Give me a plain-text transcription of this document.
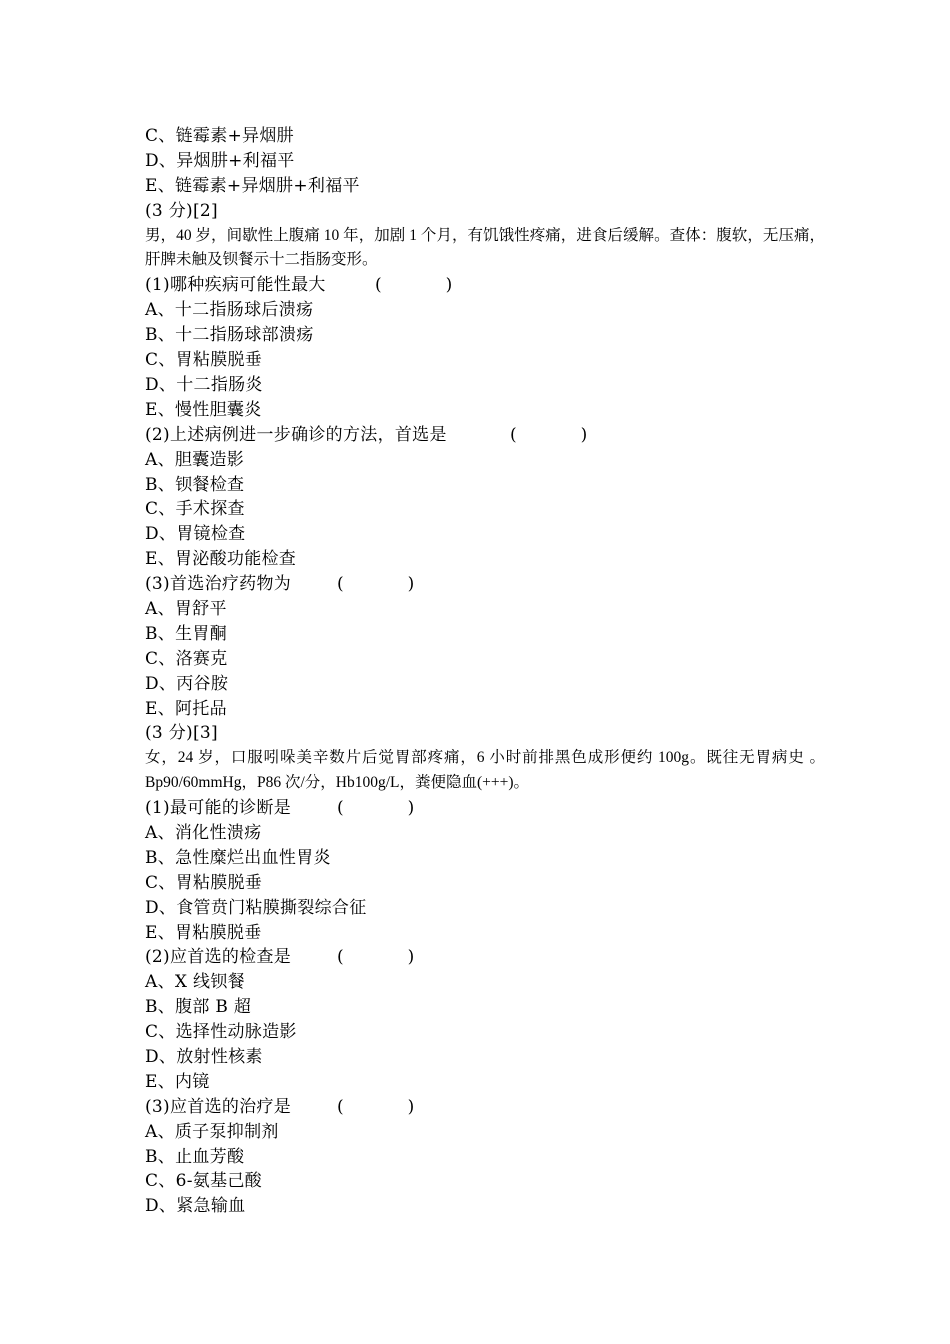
C、链霉素+异烟肼
D、异烟肼+利福平
E、链霉素+异烟肼+利福平
(3 分)[2]
男，40 岁，间歇性上腹痛 10 年，加剧 1 个月，有饥饿性疼痛，进食后缓解。查体：腹软，无压痛，肝脾未触及钡餐示十二指肠变形。
(1)哪种疾病可能性最大	(	)
A、十二指肠球后溃疡
B、十二指肠球部溃疡
C、胃粘膜脱垂
D、十二指肠炎
E、慢性胆囊炎
(2)上述病例进一步确诊的方法，首选是	(	)
A、胆囊造影
B、钡餐检查
C、手术探查
D、胃镜检查
E、胃泌酸功能检查
(3)首选治疗药物为	(	)
A、胃舒平
B、生胃酮
C、洛赛克
D、丙谷胺
E、阿托品
(3 分)[3]
女，24 岁，口服吲哚美辛数片后觉胃部疼痛，6 小时前排黑色成形便约 100g。既往无胃病史 。Bp90/60mmHg，P86 次/分，Hb100g/L，粪便隐血(+++)。
(1)最可能的诊断是	(	)
A、消化性溃疡
B、急性糜烂出血性胃炎
C、胃粘膜脱垂
D、食管贲门粘膜撕裂综合征
E、胃粘膜脱垂
(2)应首选的检查是	(	)
A、X 线钡餐
B、腹部 B 超
C、选择性动脉造影
D、放射性核素
E、内镜
(3)应首选的治疗是	(	)
A、质子泵抑制剂
B、止血芳酸
C、6-氨基己酸
D、紧急输血
